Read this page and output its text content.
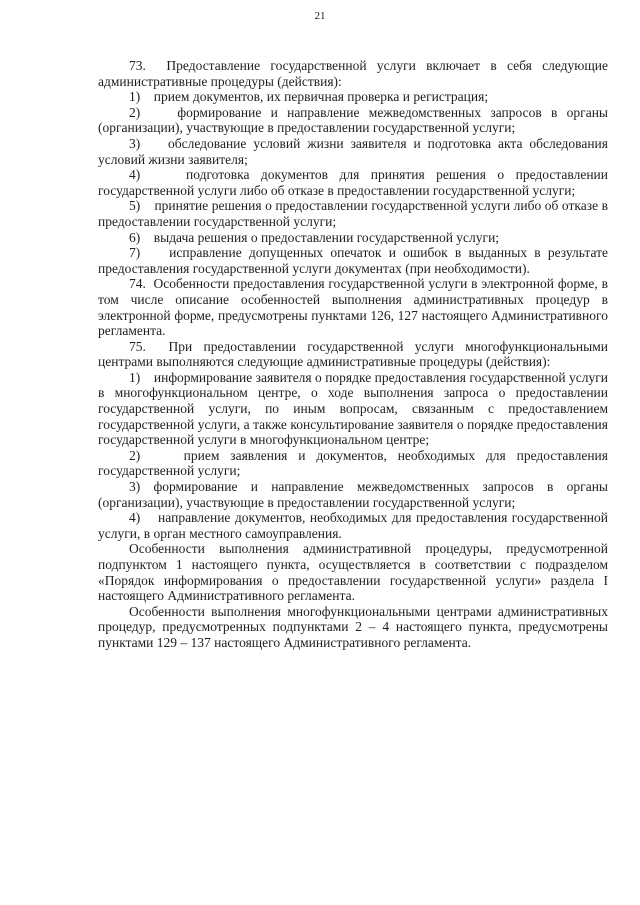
21

73.  Предоставление государственной услуги включает в себя следующие административные процедуры (действия):

1)    прием документов, их первичная проверка и регистрация;

2)    формирование и направление межведомственных запросов в органы (организации), участвующие в предоставлении государственной услуги;

3)    обследование условий жизни заявителя и подготовка акта обследования условий жизни заявителя;

4)    подготовка документов для принятия решения о предоставлении государственной услуги либо об отказе в предоставлении государственной услуги;

5)    принятие решения о предоставлении государственной услуги либо об отказе в предоставлении государственной услуги;

6)    выдача решения о предоставлении государственной услуги;

7)    исправление допущенных опечаток и ошибок в выданных в результате предоставления государственной услуги документах (при необходимости).

74.  Особенности предоставления государственной услуги в электронной форме, в том числе описание особенностей выполнения административных процедур в электронной форме, предусмотрены пунктами 126, 127 настоящего Административного регламента.

75.  При предоставлении государственной услуги многофункциональными центрами выполняются следующие административные процедуры (действия):

1)    информирование заявителя о порядке предоставления государственной услуги в многофункциональном центре, о ходе выполнения запроса о предоставлении государственной услуги, по иным вопросам, связанным с предоставлением государственной услуги, а также консультирование заявителя о порядке предоставления государственной услуги в многофункциональном центре;

2)    прием заявления и документов, необходимых для предоставления государственной услуги;

3) формирование и направление межведомственных запросов в органы (организации), участвующие в предоставлении государственной услуги;

4)    направление документов, необходимых для предоставления государственной услуги, в орган местного самоуправления.

Особенности выполнения административной процедуры, предусмотренной подпунктом 1 настоящего пункта, осуществляется в соответствии с подразделом «Порядок информирования о предоставлении государственной услуги» раздела I настоящего Административного регламента.

Особенности выполнения многофункциональными центрами административных процедур, предусмотренных подпунктами 2 – 4 настоящего пункта, предусмотрены пунктами 129 – 137 настоящего Административного регламента.
